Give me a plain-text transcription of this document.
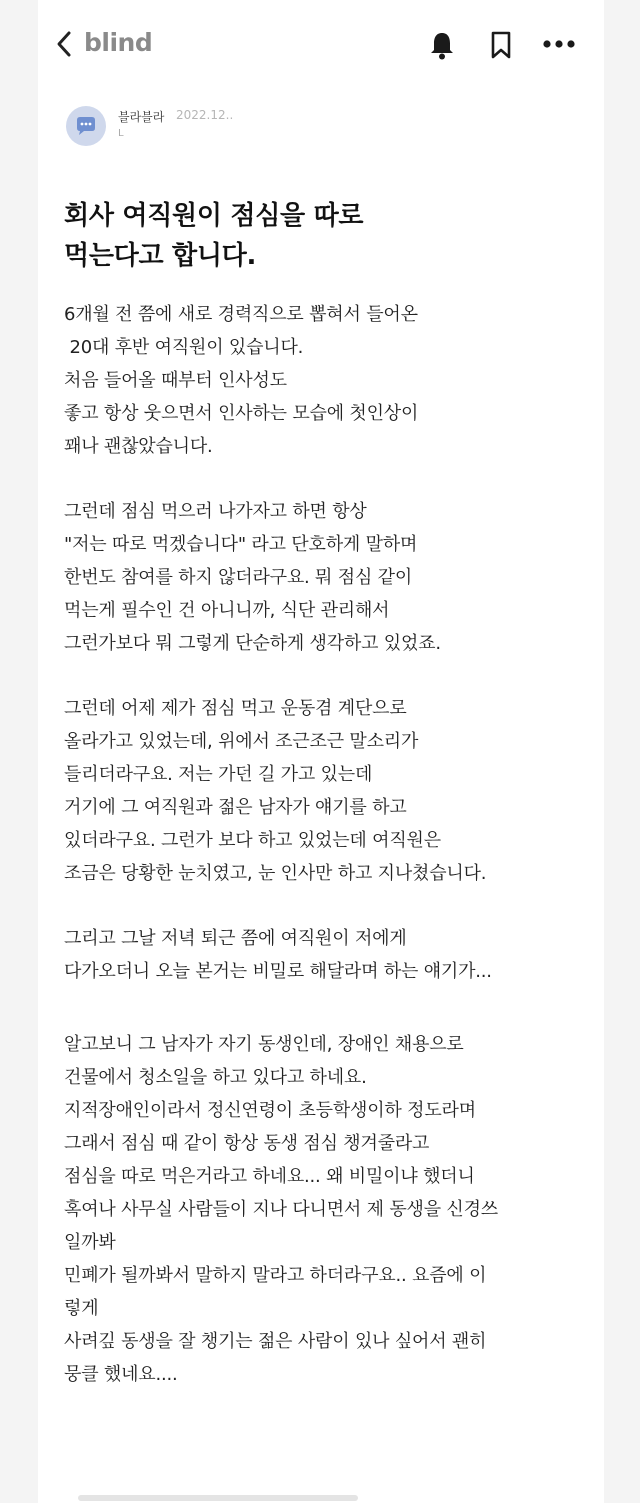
blind
블라블라 2022.12..
L
회사 여직원이 점심을 따로
먹는다고 합니다.
6개월 전 쯤에 새로 경력직으로 뽑혀서 들어온
20대 후반 여직원이 있습니다.
처음 들어올 때부터 인사성도
좋고 항상 웃으면서 인사하는 모습에 첫인상이
꽤나 괜찮았습니다.
그런데 점심 먹으러 나가자고 하면 항상
"저는 따로 먹겠습니다" 라고 단호하게 말하며
한번도 참여를 하지 않더라구요. 뭐 점심 같이
먹는게 필수인 건 아니니까, 식단 관리해서
그런가보다 뭐 그렇게 단순하게 생각하고 있었죠.
그런데 어제 제가 점심 먹고 운동겸 계단으로
올라가고 있었는데, 위에서 조근조근 말소리가
들리더라구요. 저는 가던 길 가고 있는데
거기에 그 여직원과 젊은 남자가 얘기를 하고
있더라구요. 그런가 보다 하고 있었는데 여직원은
조금은 당황한 눈치였고, 눈 인사만 하고 지나쳤습니다.
그리고 그날 저녁 퇴근 쯤에 여직원이 저에게
다가오더니 오늘 본거는 비밀로 해달라며 하는 얘기가...
알고보니 그 남자가 자기 동생인데, 장애인 채용으로
건물에서 청소일을 하고 있다고 하네요.
지적장애인이라서 정신연령이 초등학생이하 정도라며
그래서 점심 때 같이 항상 동생 점심 챙겨줄라고
점심을 따로 먹은거라고 하네요... 왜 비밀이냐 했더니
혹여나 사무실 사람들이 지나 다니면서 제 동생을 신경쓰
일까봐
민폐가 될까봐서 말하지 말라고 하더라구요.. 요즘에 이
렇게
사려깊 동생을 잘 챙기는 젊은 사람이 있나 싶어서 괜히
뭉클 했네요....
